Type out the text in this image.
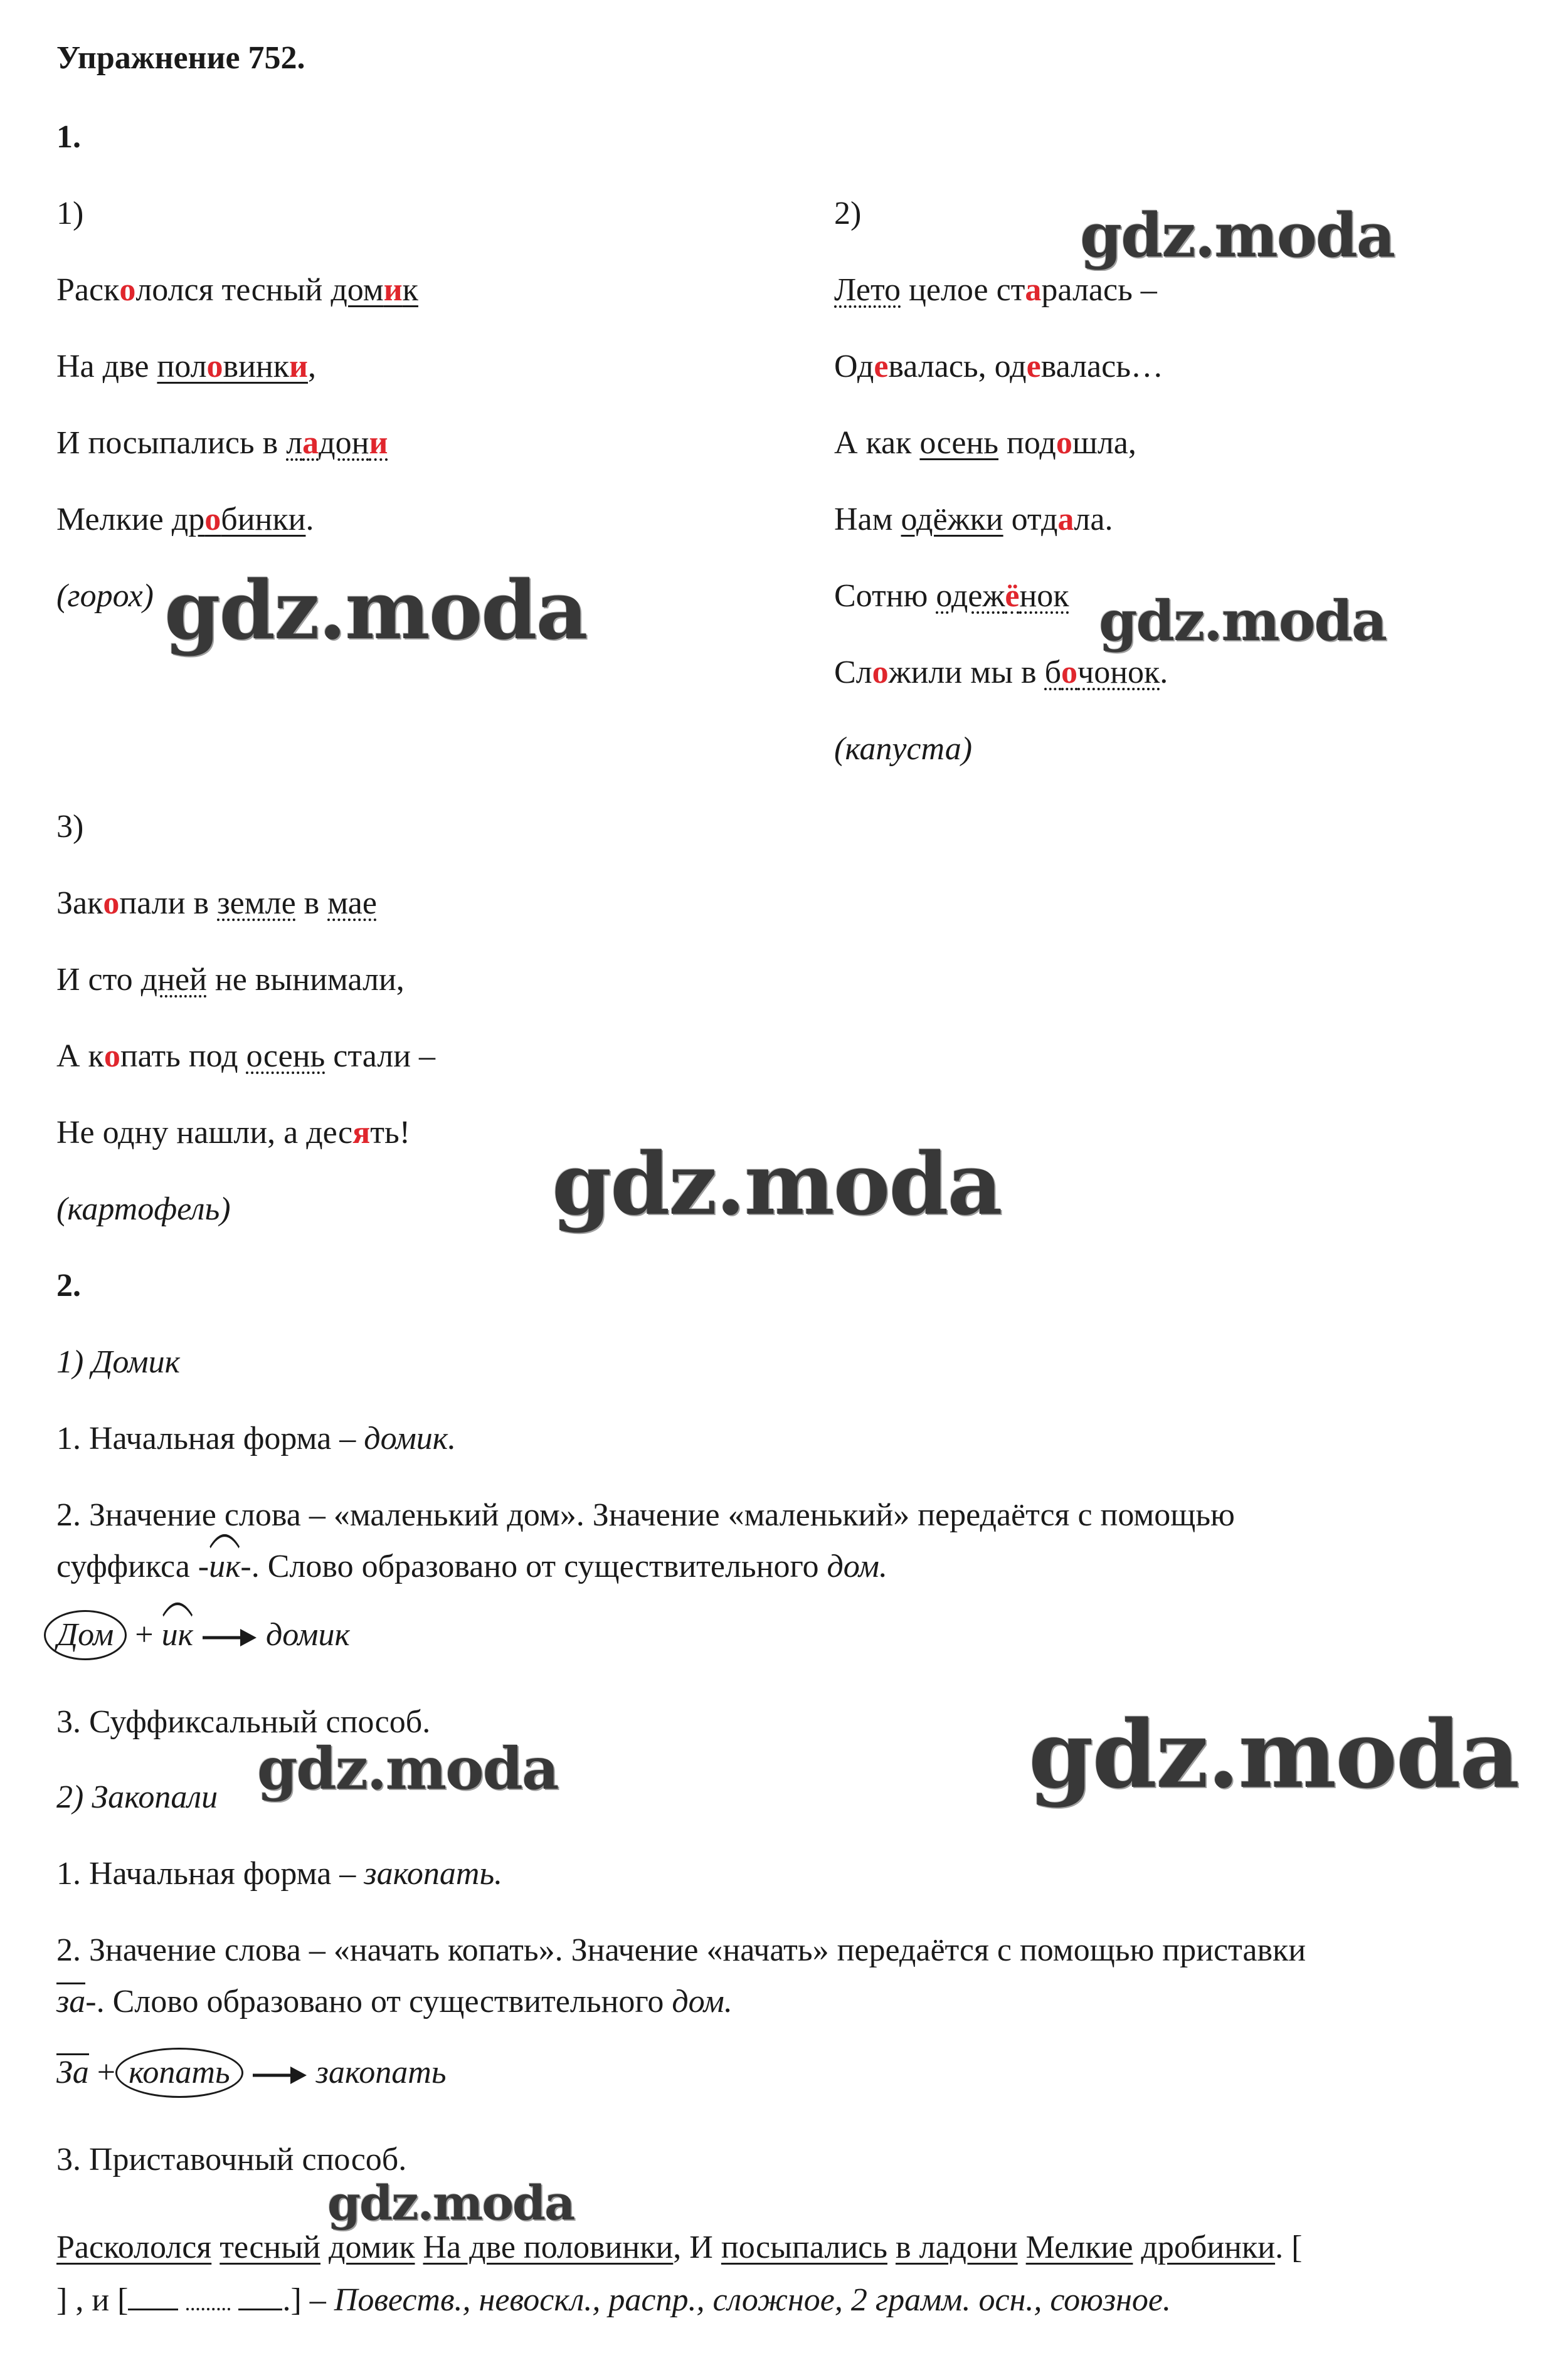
Упражнение 752.
1.
1)
Раскололся тесный домик
На две половинки,
И посыпались в ладони
Мелкие дробинки.
(горох)
2)
Лето целое старалась –
Одевалась, одевалась…
А как осень подошла,
Нам одёжки отдала.
Сотню одежёнок
Сложили мы в бочонок.
(капуста)
3)
Закопали в земле в мае
И сто дней не вынимали,
А копать под осень стали –
Не одну нашли, а десять!
(картофель)
2.
1) Домик
1. Начальная форма – домик.
2. Значение слова – «маленький дом». Значение «маленький» передаётся с помощью
суффикса -
ик-. Слово образовано от существительного дом.
Дом +
ик домик
3. Суффиксальный способ.
2) Закопали
1. Начальная форма – закопать.
2. Значение слова – «начать копать». Значение «начать» передаётся с помощью приставки
за-. Слово образовано от существительного дом.
За + копать	закопать
3. Приставочный способ.
Раскололся тесный домик На две половинки, И посыпались в ладони Мелкие дробинки. [
] , и [	.] – Повеств., невоскл., распр., сложное, 2 грамм. осн., союзное.
gdz.moda
gdz.moda	gdz.moda
gdz.moda
gdz.moda
gdz.moda
gdz.moda
